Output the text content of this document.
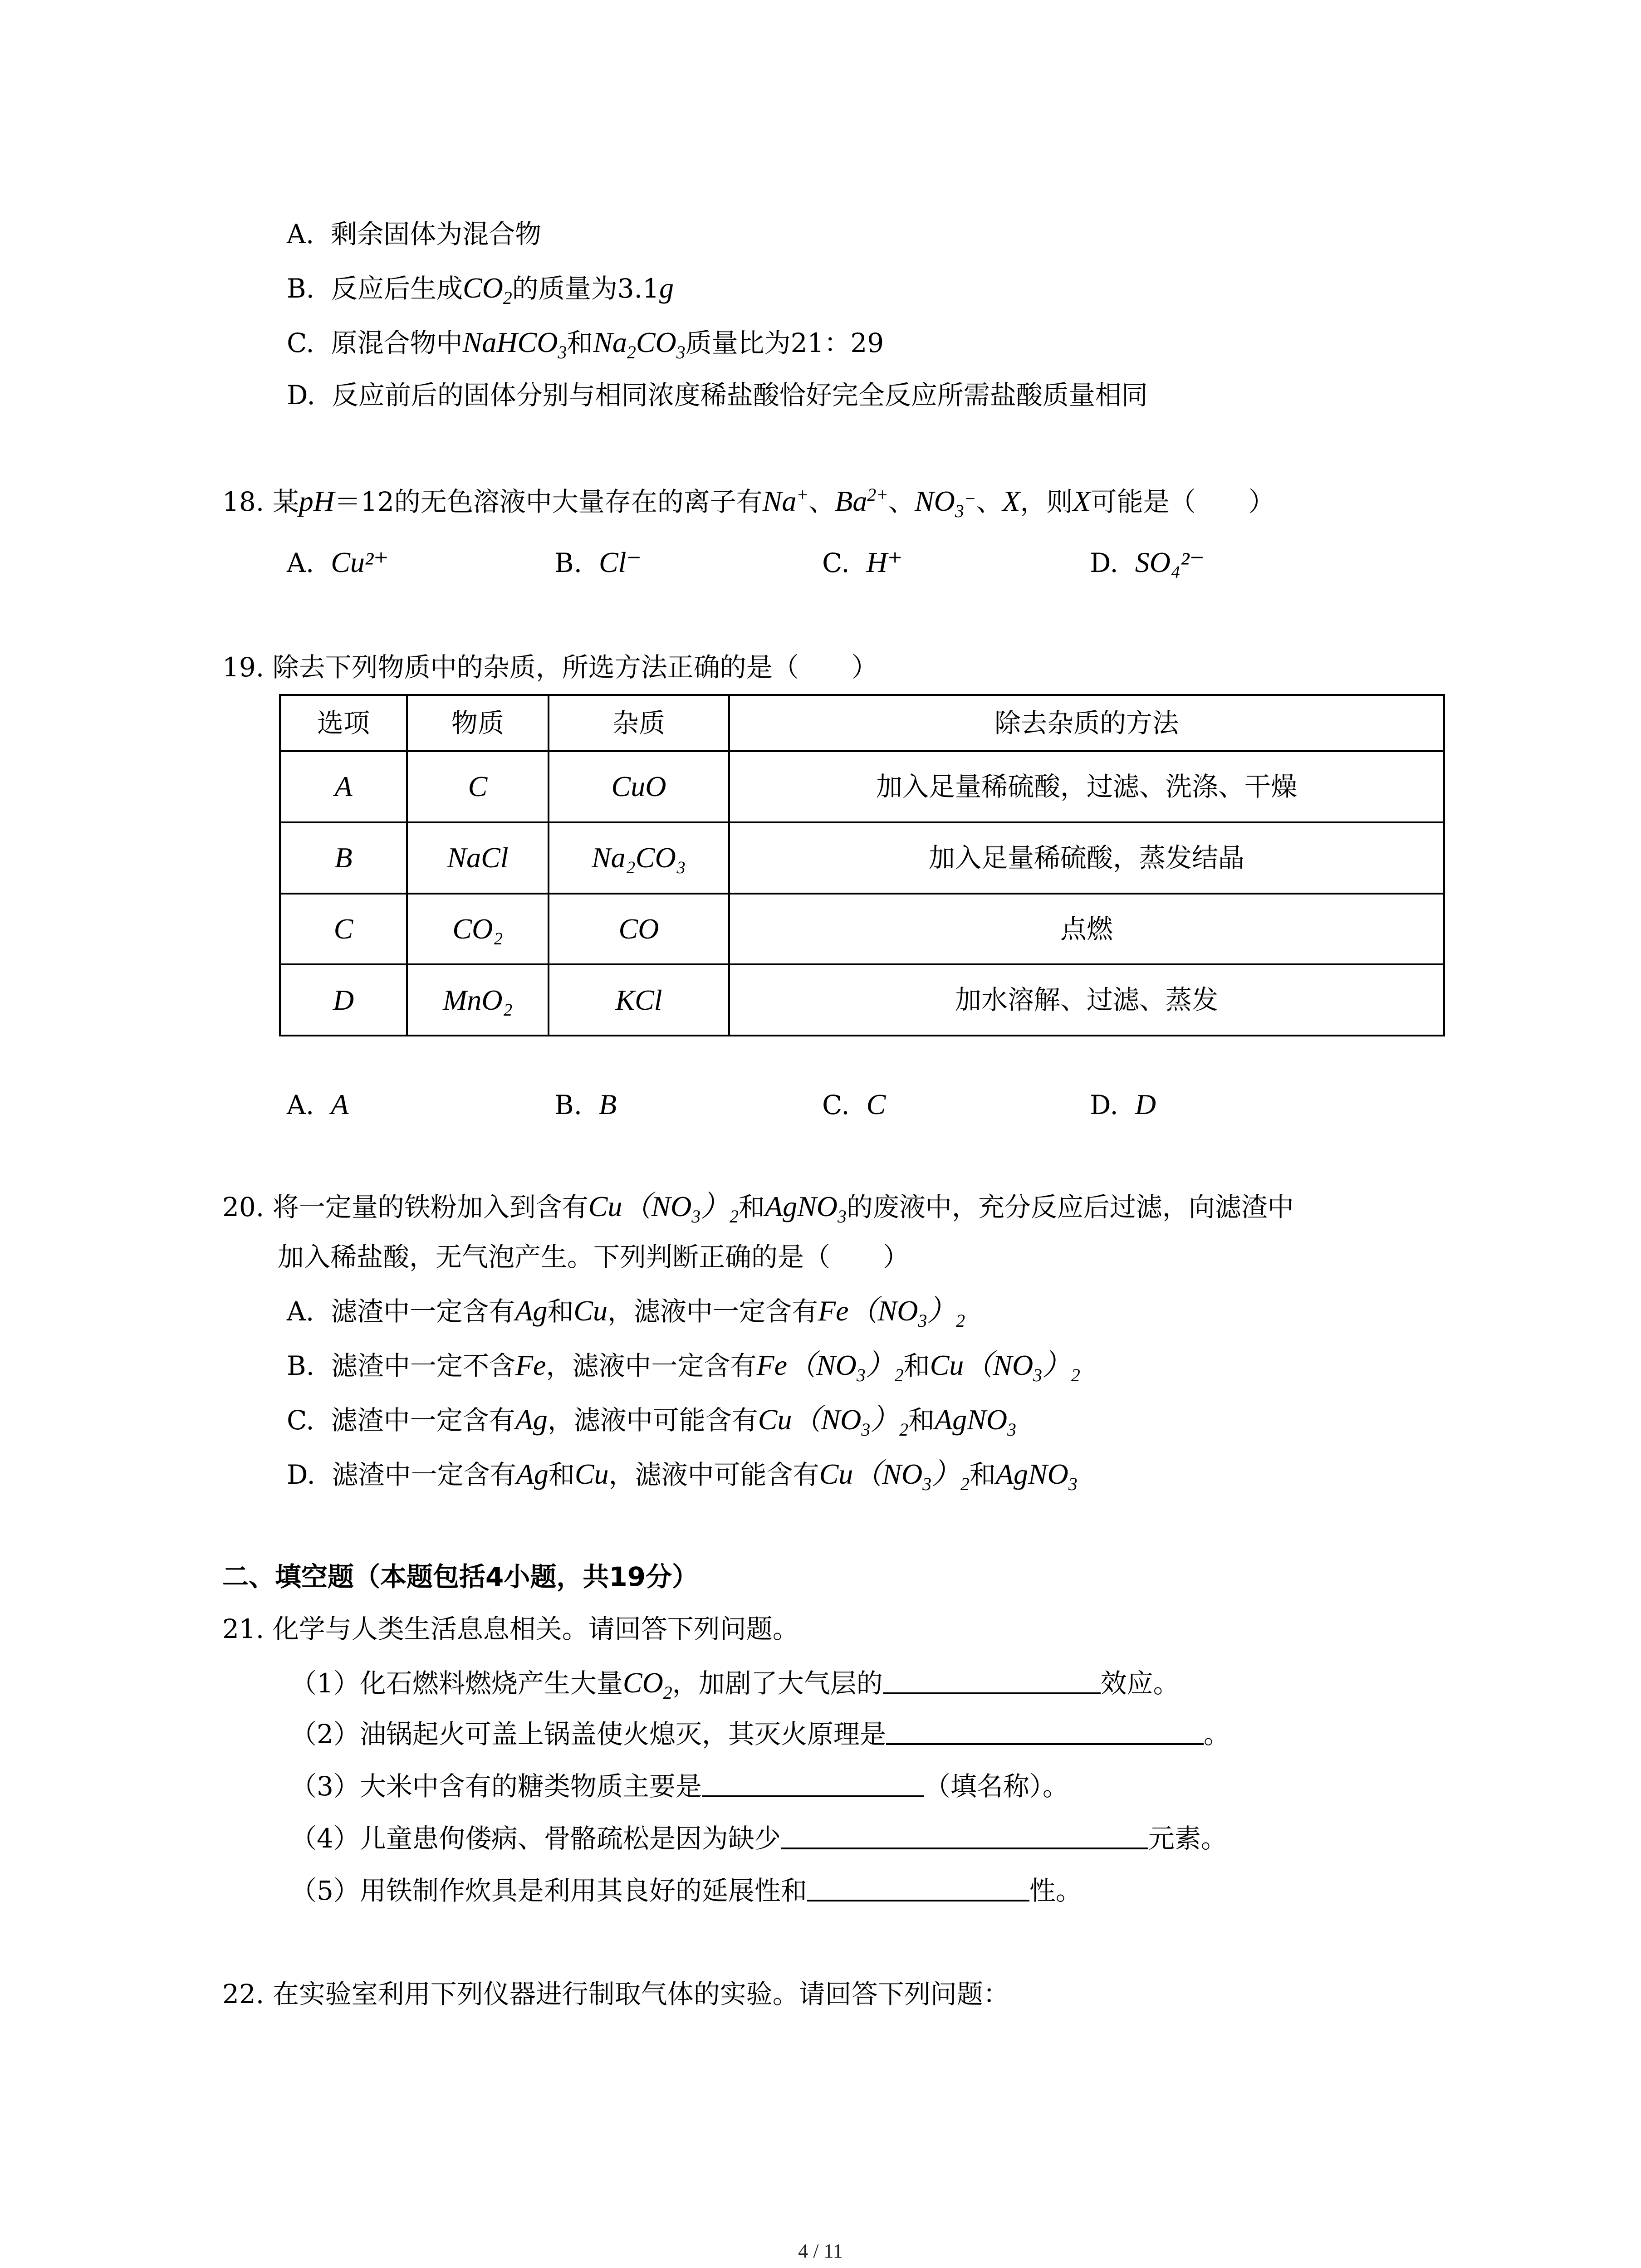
A. 剩余固体为混合物
B. 反应后生成$CO_2$的质量为3.1g
C. 原混合物中NaHCO$_3$和$Na_2CO_3$质量比为21：29
D. 反应前后的固体分别与相同浓度稀盐酸恰好完全反应所需盐酸质量相同
18. 某pH＝12的无色溶液中大量存在的离子有Na+、$Ba^{2+}$、$NO_3^-$、X，则X可能是（　　）
A. Cu²⁺	B. Cl⁻	C. H⁺	D. SO₄²⁻
19. 除去下列物质中的杂质，所选方法正确的是（　　）
选项	物质	杂质	除去杂质的方法
A	C	CuO	加入足量稀硫酸，过滤、洗涤、干燥
B	NaCl	Na₂CO₃	加入足量稀硫酸，蒸发结晶
C	CO₂	CO	点燃
D	MnO₂	KCl	加水溶解、过滤、蒸发
A. A	B. B	C. C	D. D
20. 将一定量的铁粉加入到含有$Cu(NO_3)_2$和AgNO$_3$的废液中，充分反应后过滤，向滤渣中
加入稀盐酸，无气泡产生。下列判断正确的是（　　）
A. 滤渣中一定含有Ag和Cu，滤液中一定含有$Fe(NO_3)_2$
B. 滤渣中一定不含Fe，滤液中一定含有$Fe(NO_3)_2$和$Cu(NO_3)_2$
C. 滤渣中一定含有Ag，滤液中可能含有$Cu(NO_3)_2$和AgNO$_3$
D. 滤渣中一定含有Ag和Cu，滤液中可能含有$Cu(NO_3)_2$和AgNO$_3$
二、填空题（本题包括4小题，共19分）
21. 化学与人类生活息息相关。请回答下列问题。
（1）化石燃料燃烧产生大量$CO_2$，加剧了大气层的	效应。
（2）油锅起火可盖上锅盖使火熄灭，其灭火原理是	。
（3）大米中含有的糖类物质主要是	（填名称）。
（4）儿童患佝偻病、骨骼疏松是因为缺少	元素。
（5）用铁制作炊具是利用其良好的延展性和	性。
22. 在实验室利用下列仪器进行制取气体的实验。请回答下列问题：
4 / 11
